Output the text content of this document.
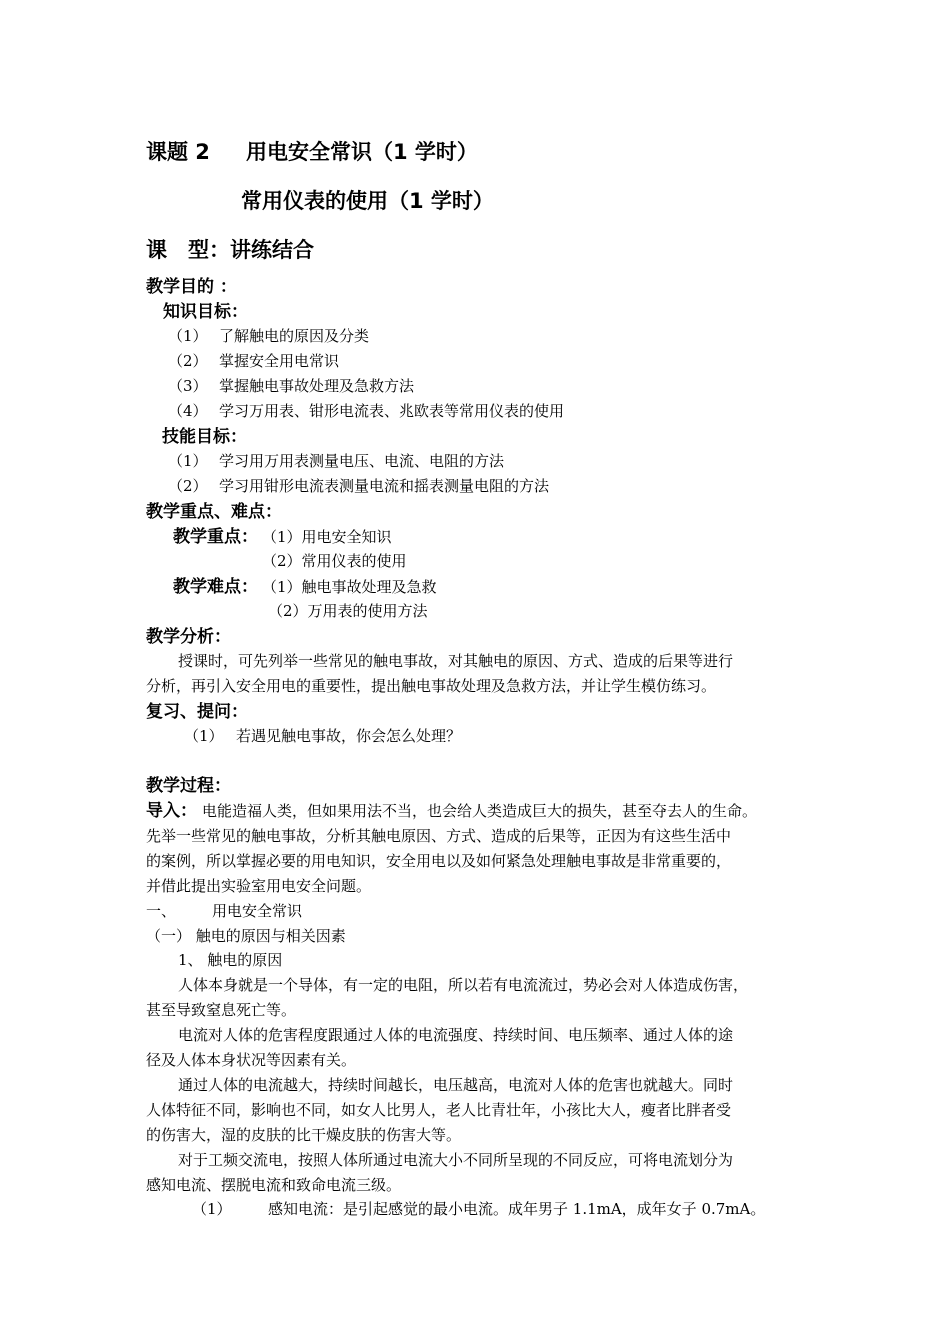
课题 2 用电安全常识（1 学时）
常用仪表的使用（1 学时）
课　型：讲练结合
教学目的 ：
知识目标：
（1） 了解触电的原因及分类
（2） 掌握安全用电常识
（3） 掌握触电事故处理及急救方法
（4） 学习万用表、钳形电流表、兆欧表等常用仪表的使用
技能目标：
（1） 学习用万用表测量电压、电流、电阻的方法
（2） 学习用钳形电流表测量电流和摇表测量电阻的方法
教学重点、难点：
教学重点： （1）用电安全知识
（2）常用仪表的使用
教学难点： （1）触电事故处理及急救
（2）万用表的使用方法
教学分析：
授课时，可先列举一些常见的触电事故，对其触电的原因、方式、造成的后果等进行
分析，再引入安全用电的重要性，提出触电事故处理及急救方法，并让学生模仿练习。
复习、提问：
（1） 若遇见触电事故，你会怎么处理？
教学过程：
导入： 电能造福人类，但如果用法不当，也会给人类造成巨大的损失，甚至夺去人的生命。
先举一些常见的触电事故，分析其触电原因、方式、造成的后果等，正因为有这些生活中
的案例，所以掌握必要的用电知识，安全用电以及如何紧急处理触电事故是非常重要的，
并借此提出实验室用电安全问题。
一、 用电安全常识
（一） 触电的原因与相关因素
1、 触电的原因
人体本身就是一个导体，有一定的电阻，所以若有电流流过，势必会对人体造成伤害，
甚至导致窒息死亡等。
电流对人体的危害程度跟通过人体的电流强度、持续时间、电压频率、通过人体的途
径及人体本身状况等因素有关。
通过人体的电流越大，持续时间越长，电压越高，电流对人体的危害也就越大。同时
人体特征不同，影响也不同，如女人比男人，老人比青壮年，小孩比大人，瘦者比胖者受
的伤害大，湿的皮肤的比干燥皮肤的伤害大等。
对于工频交流电，按照人体所通过电流大小不同所呈现的不同反应，可将电流划分为
感知电流、摆脱电流和致命电流三级。
（1） 感知电流：是引起感觉的最小电流。成年男子 1.1mA，成年女子 0.7mA。
